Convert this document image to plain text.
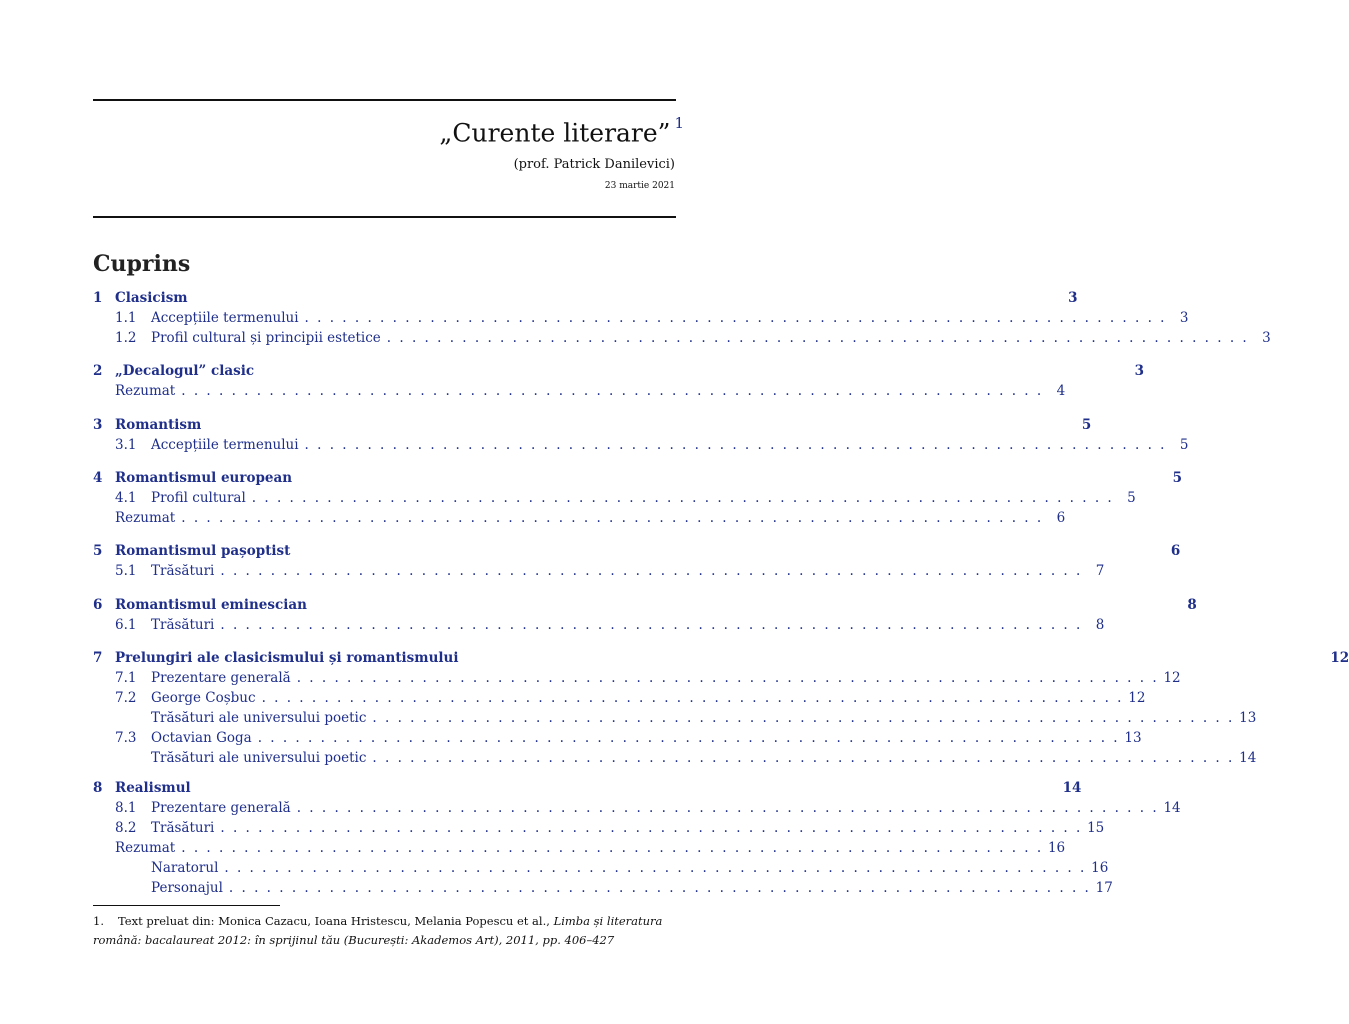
„Curente literare” $^1$
(prof. Patrick Danilevici)
23 martie 2021
Cuprins
1 Clasicism	3
1.1	Accepțiile termenului . . . . . . . . . . . . . . . . . . . . . . . . . . . . . . . . . . . . . . . . . . . . . . . . . . . . . . . . . . . . . . . . . . . . . 3
1.2	Profil cultural și principii estetice . . . . . . . . . . . . . . . . . . . . . . . . . . . . . . . . . . . . . . . . . . . . . . . . . . . . . . . . . . . . . . . . . . . . . 3
2 „Decalogul” clasic	3
Rezumat . . . . . . . . . . . . . . . . . . . . . . . . . . . . . . . . . . . . . . . . . . . . . . . . . . . . . . . . . . . . . . . . . . . . . 4
3 Romantism	5
3.1	Accepțiile termenului . . . . . . . . . . . . . . . . . . . . . . . . . . . . . . . . . . . . . . . . . . . . . . . . . . . . . . . . . . . . . . . . . . . . . 5
4 Romantismul european	5
4.1	Profil cultural . . . . . . . . . . . . . . . . . . . . . . . . . . . . . . . . . . . . . . . . . . . . . . . . . . . . . . . . . . . . . . . . . . . . . 5
Rezumat . . . . . . . . . . . . . . . . . . . . . . . . . . . . . . . . . . . . . . . . . . . . . . . . . . . . . . . . . . . . . . . . . . . . . 6
5 Romantismul pașoptist	6
5.1	Trăsături . . . . . . . . . . . . . . . . . . . . . . . . . . . . . . . . . . . . . . . . . . . . . . . . . . . . . . . . . . . . . . . . . . . . . 7
6 Romantismul eminescian	8
6.1	Trăsături . . . . . . . . . . . . . . . . . . . . . . . . . . . . . . . . . . . . . . . . . . . . . . . . . . . . . . . . . . . . . . . . . . . . . 8
7 Prelungiri ale clasicismului și romantismului	12
7.1	Prezentare generală . . . . . . . . . . . . . . . . . . . . . . . . . . . . . . . . . . . . . . . . . . . . . . . . . . . . . . . . . . . . . . . . . . . . . 12
7.2	George Coșbuc . . . . . . . . . . . . . . . . . . . . . . . . . . . . . . . . . . . . . . . . . . . . . . . . . . . . . . . . . . . . . . . . . . . . . 12
Trăsături ale universului poetic . . . . . . . . . . . . . . . . . . . . . . . . . . . . . . . . . . . . . . . . . . . . . . . . . . . . . . . . . . . . . . . . . . . . . 13
7.3	Octavian Goga . . . . . . . . . . . . . . . . . . . . . . . . . . . . . . . . . . . . . . . . . . . . . . . . . . . . . . . . . . . . . . . . . . . . . 13
Trăsături ale universului poetic . . . . . . . . . . . . . . . . . . . . . . . . . . . . . . . . . . . . . . . . . . . . . . . . . . . . . . . . . . . . . . . . . . . . . 14
8 Realismul	14
8.1	Prezentare generală . . . . . . . . . . . . . . . . . . . . . . . . . . . . . . . . . . . . . . . . . . . . . . . . . . . . . . . . . . . . . . . . . . . . . 14
8.2	Trăsături . . . . . . . . . . . . . . . . . . . . . . . . . . . . . . . . . . . . . . . . . . . . . . . . . . . . . . . . . . . . . . . . . . . . . 15
Rezumat . . . . . . . . . . . . . . . . . . . . . . . . . . . . . . . . . . . . . . . . . . . . . . . . . . . . . . . . . . . . . . . . . . . . . 16
Naratorul . . . . . . . . . . . . . . . . . . . . . . . . . . . . . . . . . . . . . . . . . . . . . . . . . . . . . . . . . . . . . . . . . . . . . 16
Personajul . . . . . . . . . . . . . . . . . . . . . . . . . . . . . . . . . . . . . . . . . . . . . . . . . . . . . . . . . . . . . . . . . . . . . 17
1. Text preluat din: Monica Cazacu, Ioana Hristescu, Melania Popescu et al., Limba și literatura română: bacalaureat 2012: în sprijinul tău (București: Akademos Art), 2011, pp. 406–427
